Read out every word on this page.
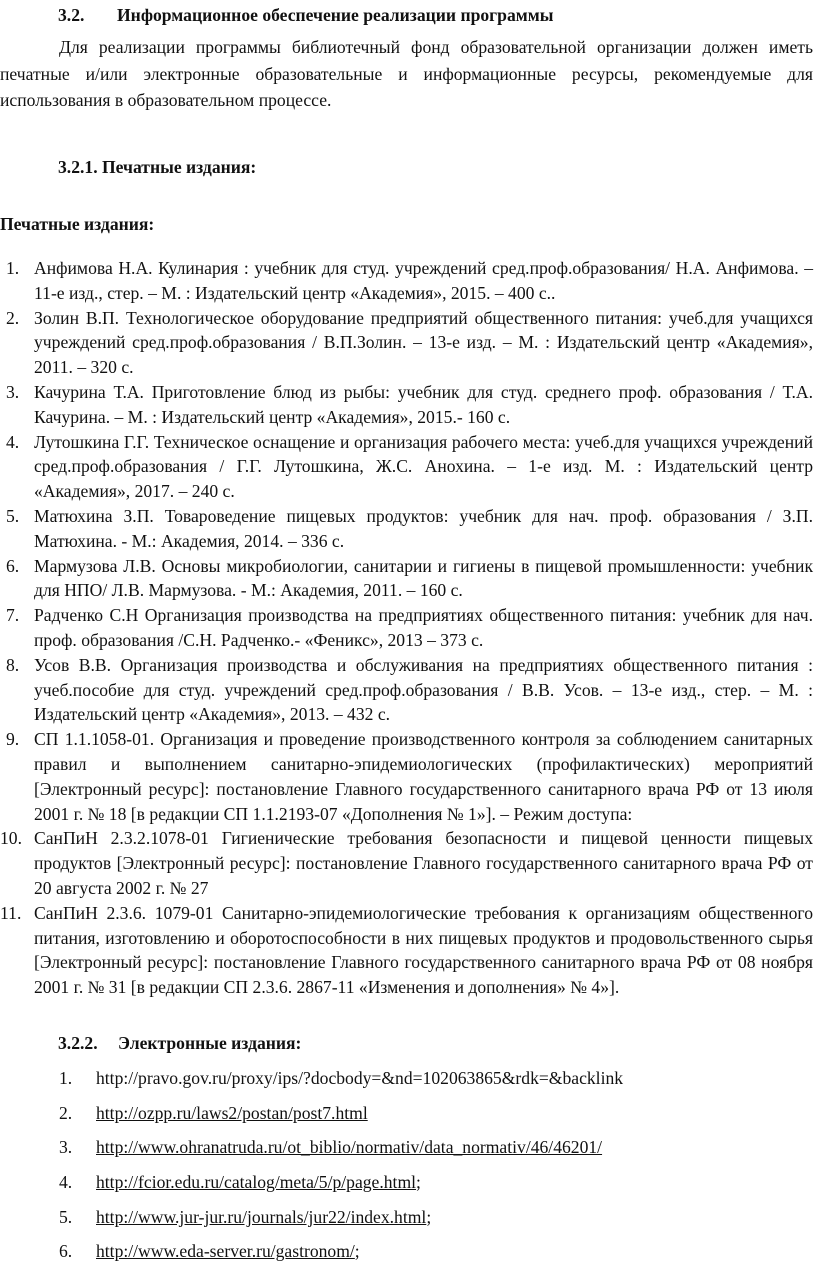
3.2. Информационное обеспечение реализации программы
Для реализации программы библиотечный фонд образовательной организации должен иметь печатные и/или электронные образовательные и информационные ресурсы, рекомендуемые для использования в образовательном процессе.
3.2.1. Печатные издания:
Печатные издания:
1. Анфимова Н.А. Кулинария : учебник для студ. учреждений сред.проф.образования/ Н.А. Анфимова. – 11-е изд., стер. – М. : Издательский центр «Академия», 2015. – 400 с..
2. Золин В.П. Технологическое оборудование предприятий общественного питания: учеб.для учащихся учреждений сред.проф.образования / В.П.Золин. – 13-е изд. – М. : Издательский центр «Академия», 2011. – 320 с.
3. Качурина Т.А. Приготовление блюд из рыбы: учебник для студ. среднего проф. образования / Т.А. Качурина. – М. : Издательский центр «Академия», 2015.- 160 с.
4. Лутошкина Г.Г. Техническое оснащение и организация рабочего места: учеб.для учащихся учреждений сред.проф.образования / Г.Г. Лутошкина, Ж.С. Анохина. – 1-е изд. М. : Издательский центр «Академия», 2017. – 240 с.
5. Матюхина З.П. Товароведение пищевых продуктов: учебник для нач. проф. образования / З.П. Матюхина. - М.: Академия, 2014. – 336 с.
6. Мармузова Л.В. Основы микробиологии, санитарии и гигиены в пищевой промышленности: учебник для НПО/ Л.В. Мармузова. - М.: Академия, 2011. – 160 с.
7. Радченко С.Н Организация производства на предприятиях общественного питания: учебник для нач. проф. образования /С.Н. Радченко.- «Феникс», 2013 – 373 с.
8. Усов В.В. Организация производства и обслуживания на предприятиях общественного питания : учеб.пособие для студ. учреждений сред.проф.образования / В.В. Усов. – 13-е изд., стер. – М. : Издательский центр «Академия», 2013. – 432 с.
9. СП 1.1.1058-01. Организация и проведение производственного контроля за соблюдением санитарных правил и выполнением санитарно-эпидемиологических (профилактических) мероприятий [Электронный ресурс]: постановление Главного государственного санитарного врача РФ от 13 июля 2001 г. № 18 [в редакции СП 1.1.2193-07 «Дополнения № 1»]. – Режим доступа:
10. СанПиН 2.3.2.1078-01 Гигиенические требования безопасности и пищевой ценности пищевых продуктов [Электронный ресурс]: постановление Главного государственного санитарного врача РФ от 20 августа 2002 г. № 27
11. СанПиН 2.3.6. 1079-01 Санитарно-эпидемиологические требования к организациям общественного питания, изготовлению и оборотоспособности в них пищевых продуктов и продовольственного сырья [Электронный ресурс]: постановление Главного государственного санитарного врача РФ от 08 ноября 2001 г. № 31 [в редакции СП 2.3.6. 2867-11 «Изменения и дополнения» № 4»].
3.2.2. Электронные издания:
1. http://pravo.gov.ru/proxy/ips/?docbody=&nd=102063865&rdk=&backlink
2. http://ozpp.ru/laws2/postan/post7.html
3. http://www.ohranatruda.ru/ot_biblio/normativ/data_normativ/46/46201/
4. http://fcior.edu.ru/catalog/meta/5/p/page.html;
5. http://www.jur-jur.ru/journals/jur22/index.html;
6. http://www.eda-server.ru/gastronom/;
